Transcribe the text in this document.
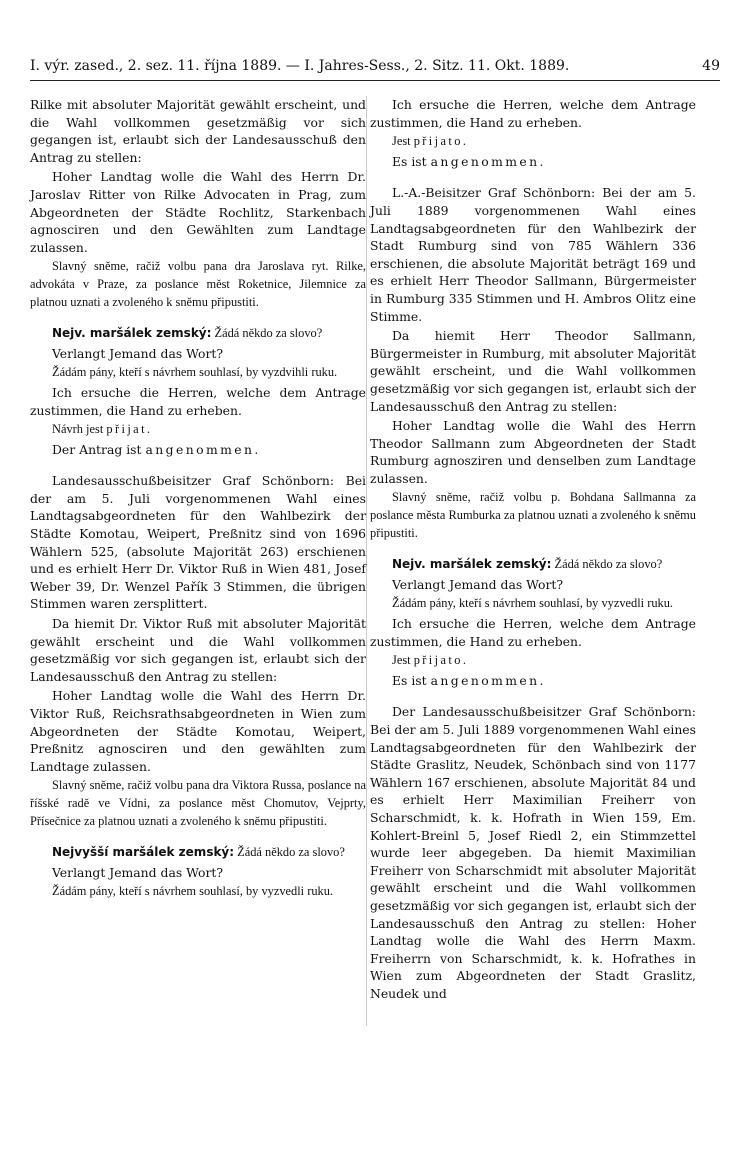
I. výr. zased., 2. sez. 11. října 1889. — I. Jahres-Sess., 2. Sitz. 11. Okt. 1889.	49

Rilke mit absoluter Majorität gewählt erscheint, und die Wahl vollkommen gesetzmäßig vor sich gegangen ist, erlaubt sich der Landesausschuß den Antrag zu stellen:

Hoher Landtag wolle die Wahl des Herrn Dr. Jaroslav Ritter von Rilke Advocaten in Prag, zum Abgeordneten der Städte Rochlitz, Starkenbach agnosciren und den Gewählten zum Landtage zulassen.

Slavný sněme, račiž volbu pana dra Jaroslava ryt. Rilke, advokáta v Praze, za poslance měst Roketnice, Jilemnice za platnou uznati a zvoleného k sněmu připustiti.

Nejv. maršálek zemský: Žádá někdo za slovo?

Verlangt Jemand das Wort?

Žádám pány, kteří s návrhem souhlasí, by vyzdvihli ruku.

Ich ersuche die Herren, welche dem Antrage zustimmen, die Hand zu erheben.

Návrh jest přijat.

Der Antrag ist angenommen.

Landesausschußbeisitzer Graf Schönborn: Bei der am 5. Juli vorgenommenen Wahl eines Landtagsabgeordneten für den Wahlbezirk der Städte Komotau, Weipert, Preßnitz sind von 1696 Wählern 525, (absolute Majorität 263) erschienen und es erhielt Herr Dr. Viktor Ruß in Wien 481, Josef Weber 39, Dr. Wenzel Pařík 3 Stimmen, die übrigen Stimmen waren zersplittert.

Da hiemit Dr. Viktor Ruß mit absoluter Majorität gewählt erscheint und die Wahl vollkommen gesetzmäßig vor sich gegangen ist, erlaubt sich der Landesausschuß den Antrag zu stellen:

Hoher Landtag wolle die Wahl des Herrn Dr. Viktor Ruß, Reichsrathsabgeordneten in Wien zum Abgeordneten der Städte Komotau, Weipert, Preßnitz agnosciren und den gewählten zum Landtage zulassen.

Slavný sněme, račiž volbu pana dra Viktora Russa, poslance na říšské radě ve Vídni, za poslance měst Chomutov, Vejprty, Přísečnice za platnou uznati a zvoleného k sněmu připustiti.

Nejvyšší maršálek zemský: Žádá někdo za slovo?

Verlangt Jemand das Wort?

Žádám pány, kteří s návrhem souhlasí, by vyzvedli ruku.

Ich ersuche die Herren, welche dem Antrage zustimmen, die Hand zu erheben.

Jest přijato.

Es ist angenommen.

L.-A.-Beisitzer Graf Schönborn: Bei der am 5. Juli 1889 vorgenommenen Wahl eines Landtagsabgeordneten für den Wahlbezirk der Stadt Rumburg sind von 785 Wählern 336 erschienen, die absolute Majorität beträgt 169 und es erhielt Herr Theodor Sallmann, Bürgermeister in Rumburg 335 Stimmen und H. Ambros Olitz eine Stimme.

Da hiemit Herr Theodor Sallmann, Bürgermeister in Rumburg, mit absoluter Majorität gewählt erscheint, und die Wahl vollkommen gesetzmäßig vor sich gegangen ist, erlaubt sich der Landesausschuß den Antrag zu stellen:

Hoher Landtag wolle die Wahl des Herrn Theodor Sallmann zum Abgeordneten der Stadt Rumburg agnosziren und denselben zum Landtage zulassen.

Slavný sněme, račiž volbu p. Bohdana Sallmanna za poslance města Rumburka za platnou uznati a zvoleného k sněmu připustiti.

Nejv. maršálek zemský: Žádá někdo za slovo?

Verlangt Jemand das Wort?

Žádám pány, kteří s návrhem souhlasí, by vyzvedli ruku.

Ich ersuche die Herren, welche dem Antrage zustimmen, die Hand zu erheben.

Jest přijato.

Es ist angenommen.

Der Landesausschußbeisitzer Graf Schönborn: Bei der am 5. Juli 1889 vorgenommenen Wahl eines Landtagsabgeordneten für den Wahlbezirk der Städte Graslitz, Neudek, Schönbach sind von 1177 Wählern 167 erschienen, absolute Majorität 84 und es erhielt Herr Maximilian Freiherr von Scharschmidt, k. k. Hofrath in Wien 159, Em. Kohlert-Breinl 5, Josef Riedl 2, ein Stimmzettel wurde leer abgegeben. Da hiemit Maximilian Freiherr von Scharschmidt mit absoluter Majorität gewählt erscheint und die Wahl vollkommen gesetzmäßig vor sich gegangen ist, erlaubt sich der Landesausschuß den Antrag zu stellen: Hoher Landtag wolle die Wahl des Herrn Maxm. Freiherrn von Scharschmidt, k. k. Hofrathes in Wien zum Abgeordneten der Stadt Graslitz, Neudek und
